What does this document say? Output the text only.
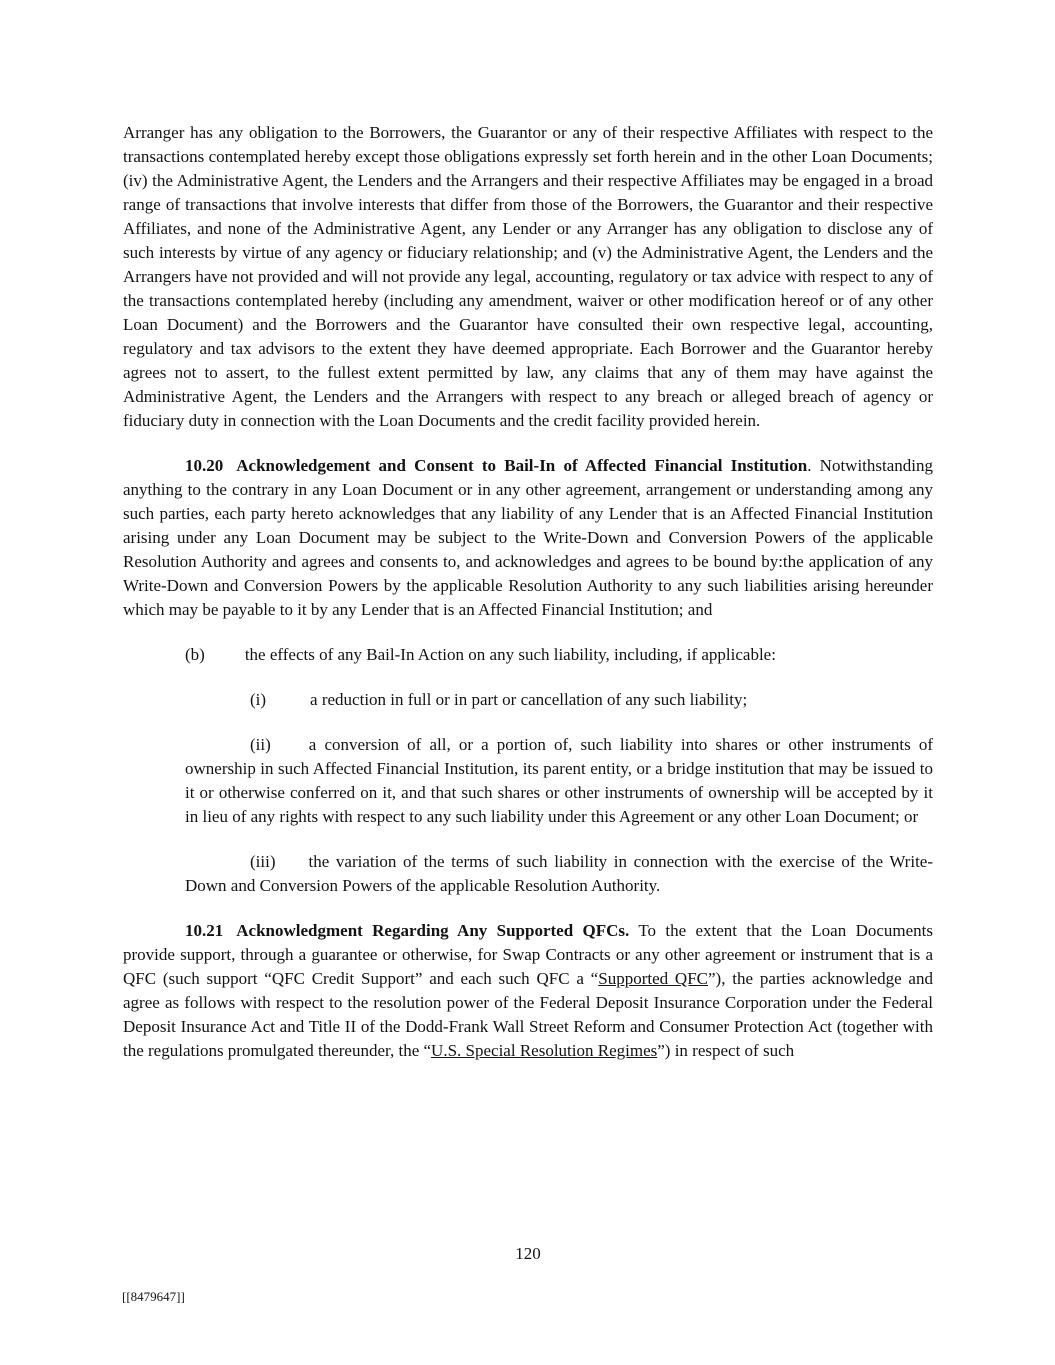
Arranger has any obligation to the Borrowers, the Guarantor or any of their respective Affiliates with respect to the transactions contemplated hereby except those obligations expressly set forth herein and in the other Loan Documents; (iv) the Administrative Agent, the Lenders and the Arrangers and their respective Affiliates may be engaged in a broad range of transactions that involve interests that differ from those of the Borrowers, the Guarantor and their respective Affiliates, and none of the Administrative Agent, any Lender or any Arranger has any obligation to disclose any of such interests by virtue of any agency or fiduciary relationship; and (v) the Administrative Agent, the Lenders and the Arrangers have not provided and will not provide any legal, accounting, regulatory or tax advice with respect to any of the transactions contemplated hereby (including any amendment, waiver or other modification hereof or of any other Loan Document) and the Borrowers and the Guarantor have consulted their own respective legal, accounting, regulatory and tax advisors to the extent they have deemed appropriate. Each Borrower and the Guarantor hereby agrees not to assert, to the fullest extent permitted by law, any claims that any of them may have against the Administrative Agent, the Lenders and the Arrangers with respect to any breach or alleged breach of agency or fiduciary duty in connection with the Loan Documents and the credit facility provided herein.

10.20 Acknowledgement and Consent to Bail-In of Affected Financial Institution. Notwithstanding anything to the contrary in any Loan Document or in any other agreement, arrangement or understanding among any such parties, each party hereto acknowledges that any liability of any Lender that is an Affected Financial Institution arising under any Loan Document may be subject to the Write-Down and Conversion Powers of the applicable Resolution Authority and agrees and consents to, and acknowledges and agrees to be bound by:the application of any Write-Down and Conversion Powers by the applicable Resolution Authority to any such liabilities arising hereunder which may be payable to it by any Lender that is an Affected Financial Institution; and

(b) the effects of any Bail-In Action on any such liability, including, if applicable:

(i)	a reduction in full or in part or cancellation of any such liability;

(ii) a conversion of all, or a portion of, such liability into shares or other instruments of ownership in such Affected Financial Institution, its parent entity, or a bridge institution that may be issued to it or otherwise conferred on it, and that such shares or other instruments of ownership will be accepted by it in lieu of any rights with respect to any such liability under this Agreement or any other Loan Document; or

(iii) the variation of the terms of such liability in connection with the exercise of the Write-Down and Conversion Powers of the applicable Resolution Authority.

10.21 Acknowledgment Regarding Any Supported QFCs. To the extent that the Loan Documents provide support, through a guarantee or otherwise, for Swap Contracts or any other agreement or instrument that is a QFC (such support “QFC Credit Support” and each such QFC a “Supported QFC”), the parties acknowledge and agree as follows with respect to the resolution power of the Federal Deposit Insurance Corporation under the Federal Deposit Insurance Act and Title II of the Dodd-Frank Wall Street Reform and Consumer Protection Act (together with the regulations promulgated thereunder, the “U.S. Special Resolution Regimes”) in respect of such

120
[[8479647]]
